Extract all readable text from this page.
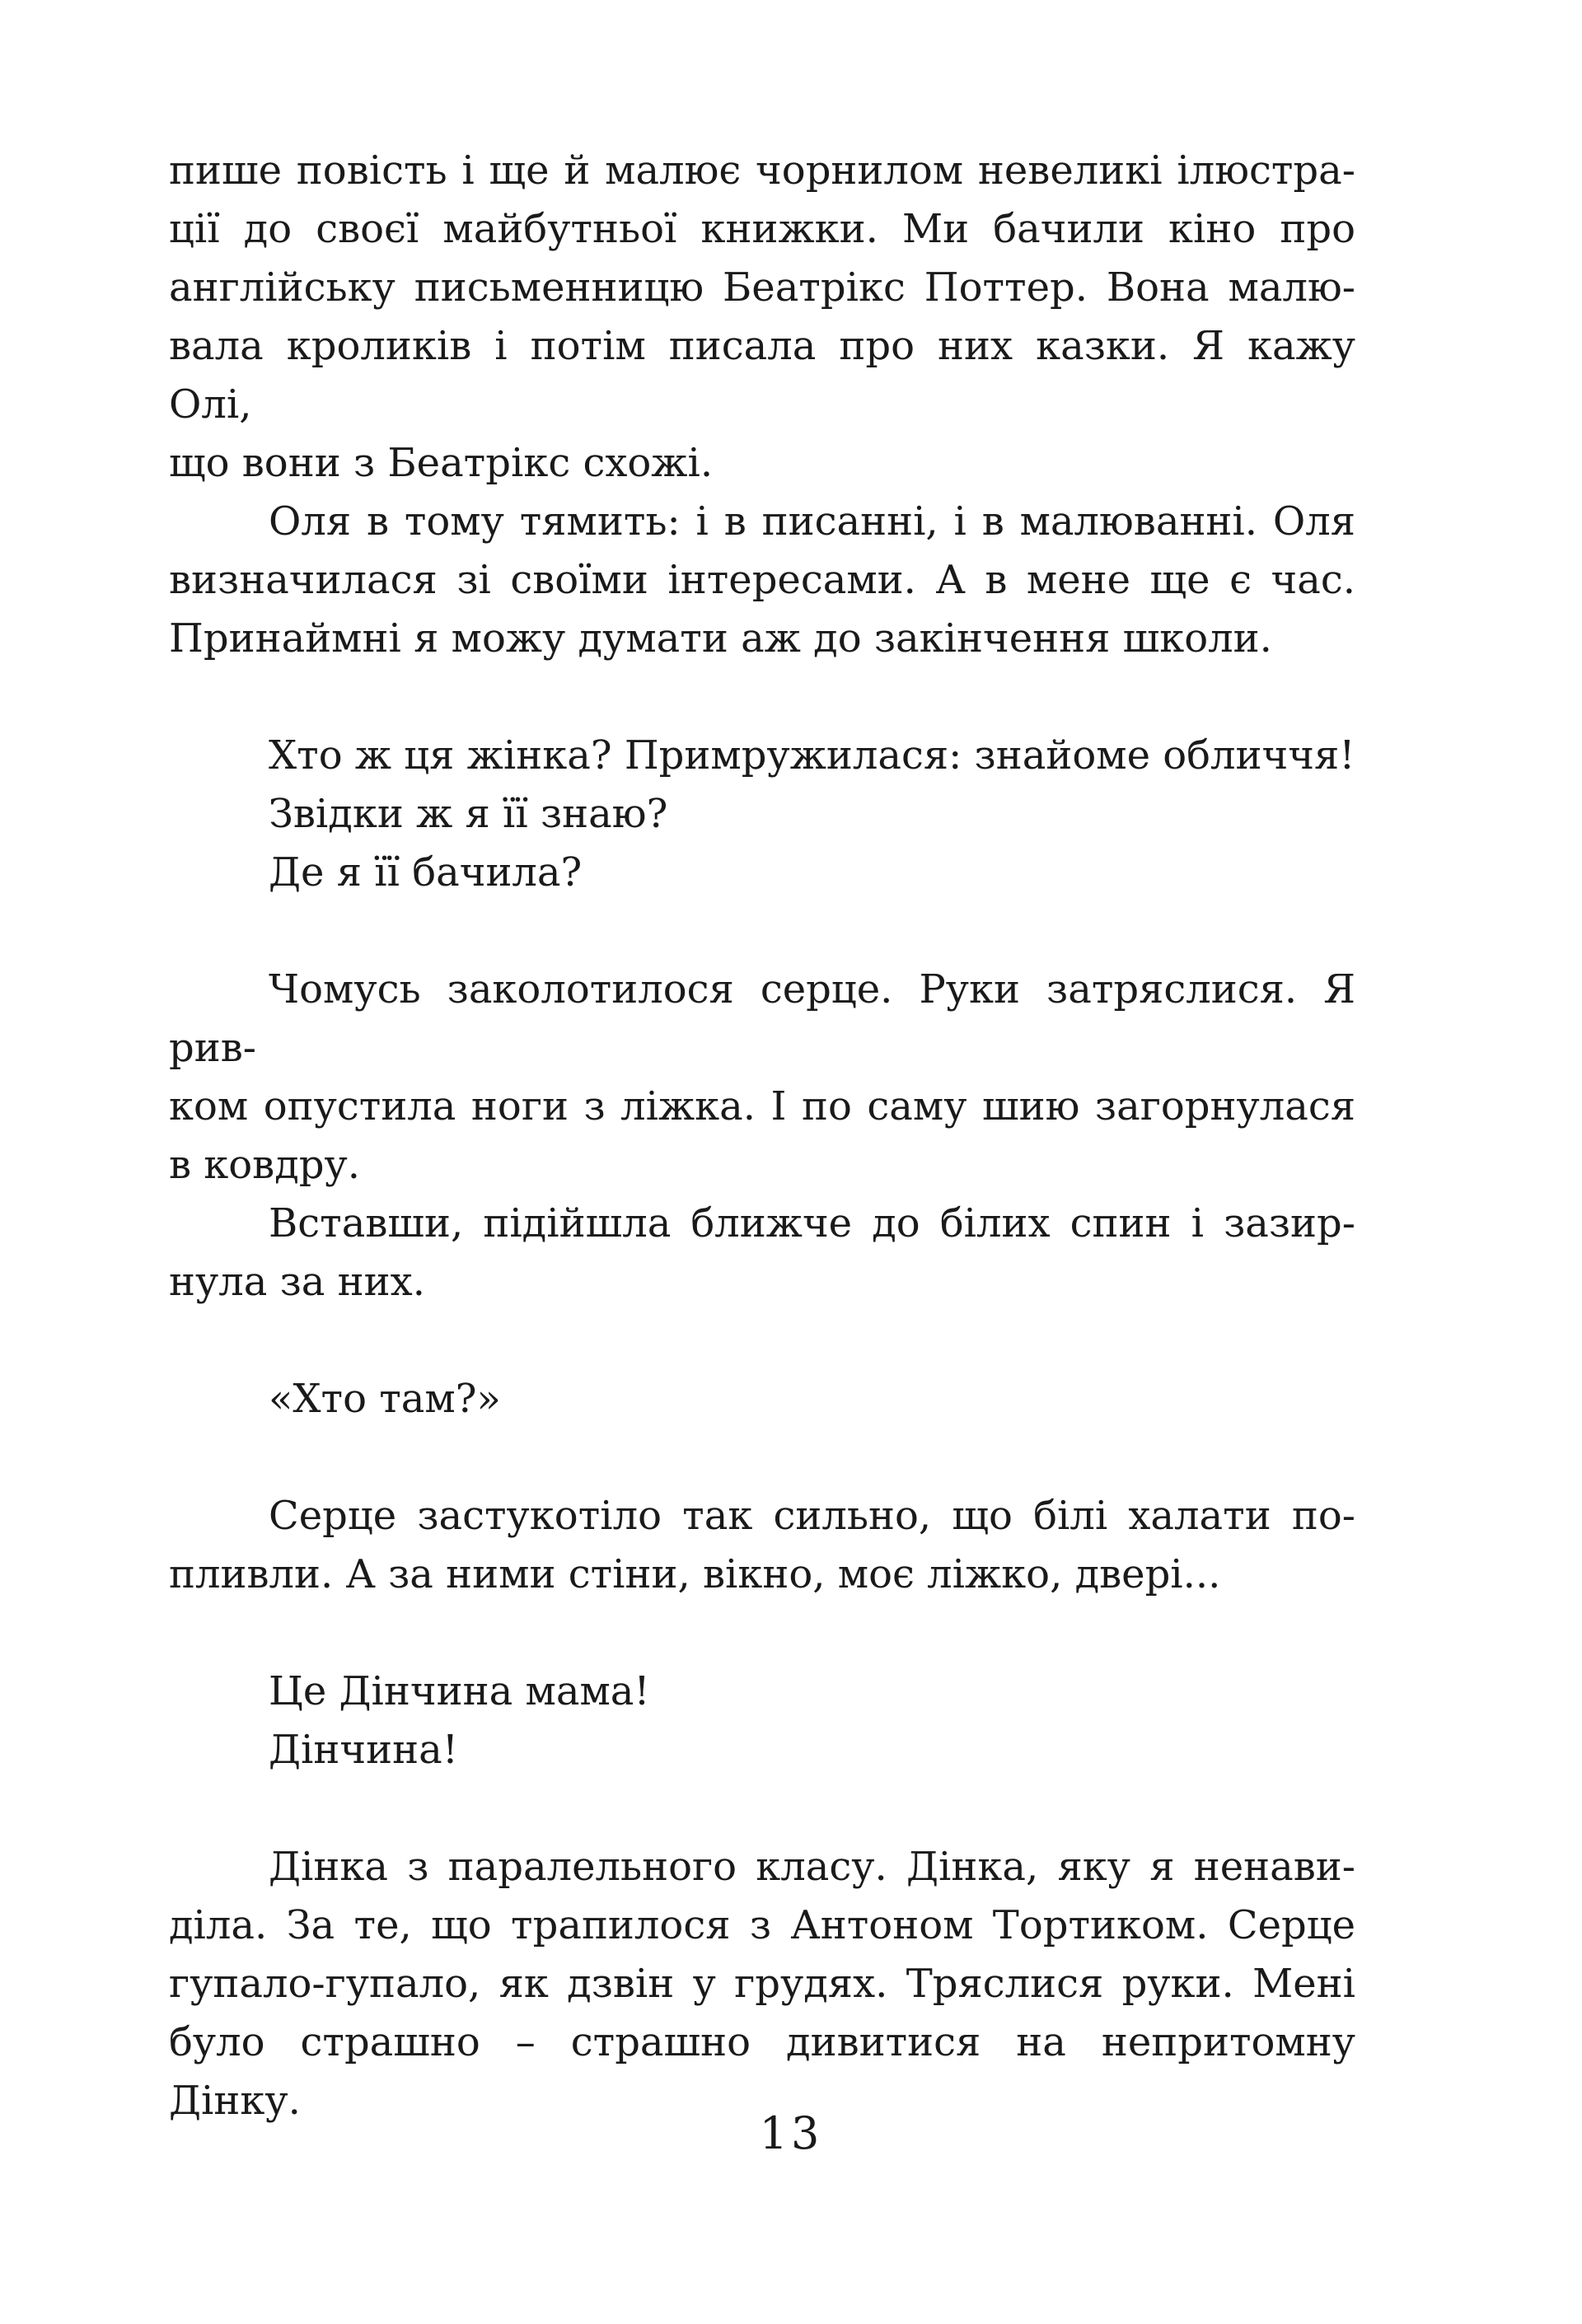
пише повість і ще й малює чорнилом невеликі ілюстра-
ції до своєї майбутньої книжки. Ми бачили кіно про
англійську письменницю Беатрікс Поттер. Вона малю-
вала кроликів і потім писала про них казки. Я кажу Олі,
що вони з Беатрікс схожі.
Оля в тому тямить: і в писанні, і в малюванні. Оля
визначилася зі своїми інтересами. А в мене ще є час.
Принаймні я можу думати аж до закінчення школи.
Хто ж ця жінка? Примружилася: знайоме обличчя!
Звідки ж я її знаю?
Де я її бачила?
Чомусь заколотилося серце. Руки затряслися. Я рив-
ком опустила ноги з ліжка. І по саму шию загорнулася
в ковдру.
Вставши, підійшла ближче до білих спин і зазир-
нула за них.
«Хто там?»
Серце застукотіло так сильно, що білі халати по-
пливли. А за ними стіни, вікно, моє ліжко, двері...
Це Дінчина мама!
Дінчина!
Дінка з паралельного класу. Дінка, яку я ненави-
діла. За те, що трапилося з Антоном Тортиком. Серце
гупало-гупало, як дзвін у грудях. Тряслися руки. Мені
було страшно – страшно дивитися на непритомну Дінку.
13
